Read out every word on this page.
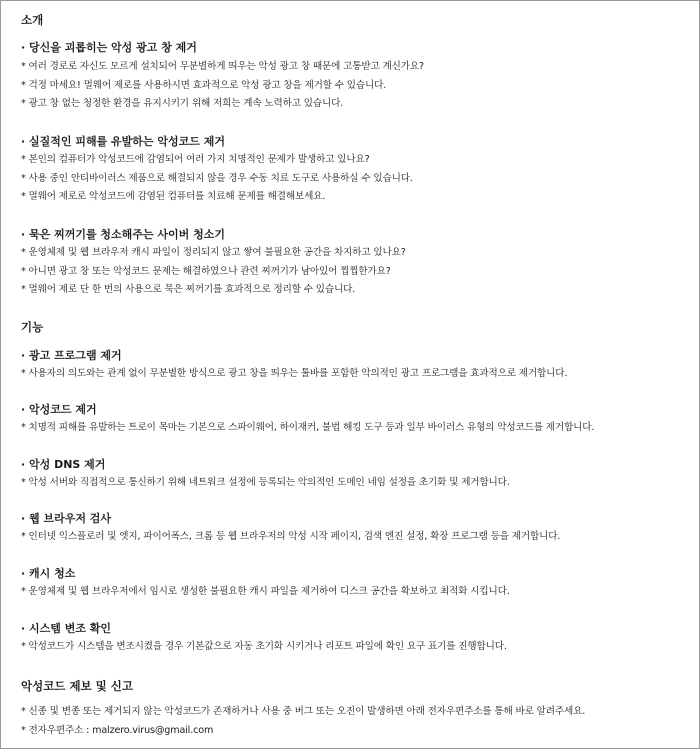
소개

· 당신을 괴롭히는 악성 광고 창 제거

* 여러 경로로 자신도 모르게 설치되어 무분별하게 띄우는 악성 광고 창 때문에 고통받고 계신가요?

* 걱정 마세요! 멀웨어 제로를 사용하시면 효과적으로 악성 광고 창을 제거할 수 있습니다.

* 광고 창 없는 청정한 환경을 유지시키기 위해 저희는 계속 노력하고 있습니다.

· 실질적인 피해를 유발하는 악성코드 제거

* 본인의 컴퓨터가 악성코드에 감염되어 여러 가지 치명적인 문제가 발생하고 있나요?

* 사용 중인 안티바이러스 제품으로 해결되지 않을 경우 수동 치료 도구로 사용하실 수 있습니다.

* 멀웨어 제로로 악성코드에 감염된 컴퓨터를 치료해 문제를 해결해보세요.

· 묵은 찌꺼기를 청소해주는 사이버 청소기

* 운영체제 및 웹 브라우저 캐시 파일이 정리되지 않고 쌓여 불필요한 공간을 차지하고 있나요?

* 아니면 광고 창 또는 악성코드 문제는 해결하였으나 관련 찌꺼기가 남아있어 찝찝한가요?

* 멀웨어 제로 단 한 번의 사용으로 묵은 찌꺼기를 효과적으로 정리할 수 있습니다.

기능

· 광고 프로그램 제거

* 사용자의 의도와는 관계 없이 무분별한 방식으로 광고 창을 띄우는 툴바를 포함한 악의적인 광고 프로그램을 효과적으로 제거합니다.

· 악성코드 제거

* 치명적 피해를 유발하는 트로이 목마는 기본으로 스파이웨어, 하이재커, 불법 해킹 도구 등과 일부 바이러스 유형의 악성코드를 제거합니다.

· 악성 DNS 제거

* 악성 서버와 직접적으로 통신하기 위해 네트워크 설정에 등록되는 악의적인 도메인 네임 설정을 초기화 및 제거합니다.

· 웹 브라우저 검사

* 인터넷 익스플로러 및 엣지, 파이어폭스, 크롬 등 웹 브라우저의 악성 시작 페이지, 검색 엔진 설정, 확장 프로그램 등을 제거합니다.

· 캐시 청소

* 운영체제 및 웹 브라우저에서 임시로 생성한 불필요한 캐시 파일을 제거하여 디스크 공간을 확보하고 최적화 시킵니다.

· 시스템 변조 확인

* 악성코드가 시스템을 변조시켰을 경우 기본값으로 자동 초기화 시키거나 리포트 파일에 확인 요구 표기를 진행합니다.

악성코드 제보 및 신고

* 신종 및 변종 또는 제거되지 않는 악성코드가 존재하거나 사용 중 버그 또는 오진이 발생하면 아래 전자우편주소를 통해 바로 알려주세요.

* 전자우편주소 : malzero.virus@gmail.com
